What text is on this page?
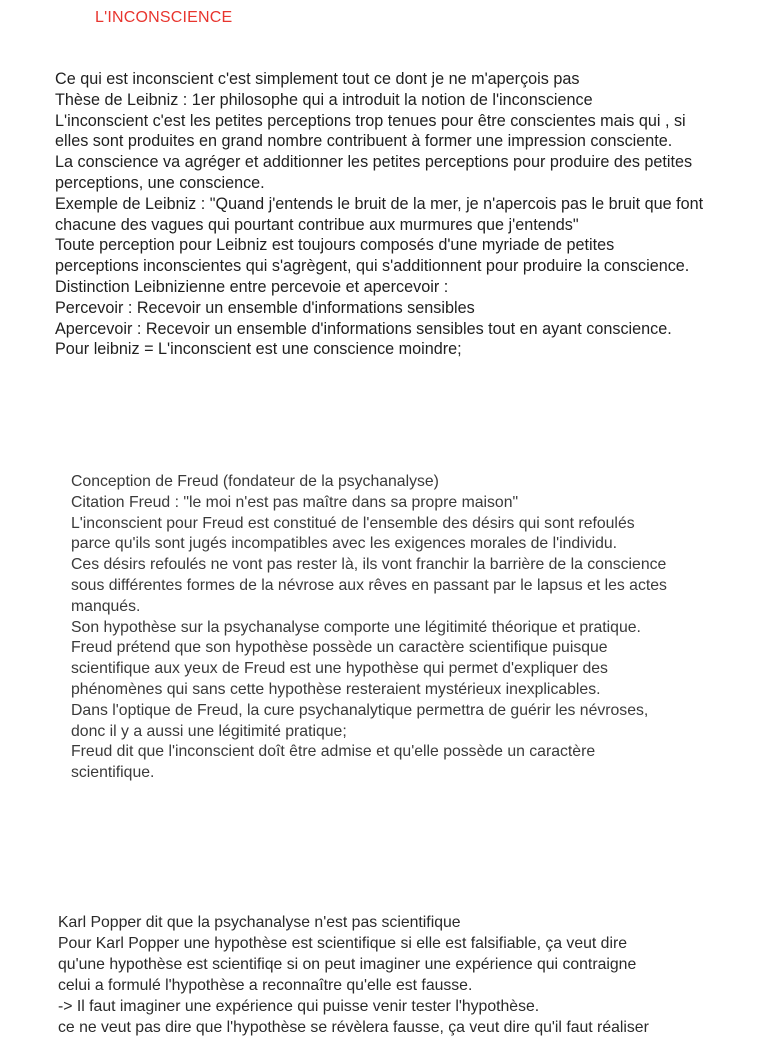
L'INCONSCIENCE
Ce qui est inconscient c'est simplement tout ce dont je ne m'aperçois pas
Thèse de Leibniz : 1er philosophe qui a introduit la notion de l'inconscience
L'inconscient c'est les petites perceptions trop tenues pour être conscientes mais qui , si
elles sont produites en grand nombre contribuent à former une impression consciente.
La conscience va agréger et additionner les petites perceptions pour produire des petites
perceptions, une conscience.
Exemple de Leibniz : "Quand j'entends le bruit de la mer, je n'apercois pas le bruit que font
chacune des vagues qui pourtant contribue aux murmures que j'entends"
Toute perception pour Leibniz est toujours composés d'une myriade de petites
perceptions inconscientes qui s'agrègent, qui s'additionnent pour produire la conscience.
Distinction Leibnizienne entre percevoie et apercevoir :
Percevoir : Recevoir un ensemble d'informations sensibles
Apercevoir : Recevoir un ensemble d'informations sensibles tout en ayant conscience.
Pour leibniz = L'inconscient est une conscience moindre;
Conception de Freud (fondateur de la psychanalyse)
Citation Freud : "le moi n'est pas maître dans sa propre maison"
L'inconscient pour Freud est constitué de l'ensemble des désirs qui sont refoulés
parce qu'ils sont jugés incompatibles avec les exigences morales de l'individu.
Ces désirs refoulés ne vont pas rester là, ils vont franchir la barrière de la conscience
sous différentes formes de la névrose aux rêves en passant par le lapsus et les actes
manqués.
Son hypothèse sur la psychanalyse comporte une légitimité théorique et pratique.
Freud prétend que son hypothèse possède un caractère scientifique puisque
scientifique aux yeux de Freud est une hypothèse qui permet d'expliquer des
phénomènes qui sans cette hypothèse resteraient mystérieux inexplicables.
Dans l'optique de Freud, la cure psychanalytique permettra de guérir les névroses,
donc il y a aussi une légitimité pratique;
Freud dit que l'inconscient doît être admise et qu'elle possède un caractère
scientifique.
Karl Popper dit que la psychanalyse n'est pas scientifique
Pour Karl Popper une hypothèse est scientifique si elle est falsifiable, ça veut dire
qu'une hypothèse est scientifiqe si on peut imaginer une expérience qui contraigne
celui a formulé l'hypothèse a reconnaître qu'elle est fausse.
-> Il faut imaginer une expérience qui puisse venir tester l'hypothèse.
ce ne veut pas dire que l'hypothèse se révèlera fausse, ça veut dire qu'il faut réaliser
